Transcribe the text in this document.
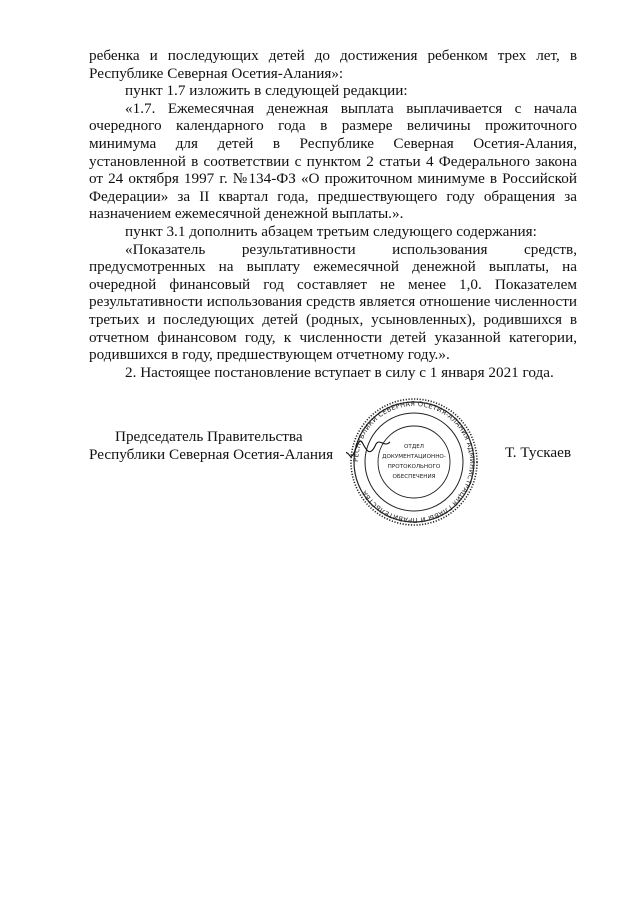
ребенка и последующих детей до достижения ребенком трех лет, в Республике Северная Осетия-Алания»:

пункт 1.7 изложить в следующей редакции:

«1.7. Ежемесячная денежная выплата выплачивается с начала очередного календарного года в размере величины прожиточного минимума для детей в Республике Северная Осетия-Алания, установленной в соответствии с пунктом 2 статьи 4 Федерального закона от 24 октября 1997 г. №134-ФЗ «О прожиточном минимуме в Российской Федерации» за II квартал года, предшествующего году обращения за назначением ежемесячной денежной выплаты.».

пункт 3.1 дополнить абзацем третьим следующего содержания:

«Показатель результативности использования средств, предусмотренных на выплату ежемесячной денежной выплаты, на очередной финансовый год составляет не менее 1,0. Показателем результативности использования средств является отношение численности третьих и последующих детей (родных, усыновленных), родившихся в отчетном финансовом году, к численности детей указанной категории, родившихся в году, предшествующем отчетному году.».

2. Настоящее постановление вступает в силу с 1 января 2021 года.

Председатель Правительства
Республики Северная Осетия-Алания	Т. Тускаев
РЕСПУБЛИКИ СЕВЕРНАЯ ОСЕТИЯ-АЛАНИЯ АДМИНИСТРАЦИЯ ГЛАВЫ И ПРАВИТЕЛЬСТВА
ОТДЕЛ
ДОКУМЕНТАЦИОННО-
ПРОТОКОЛЬНОГО
ОБЕСПЕЧЕНИЯ
